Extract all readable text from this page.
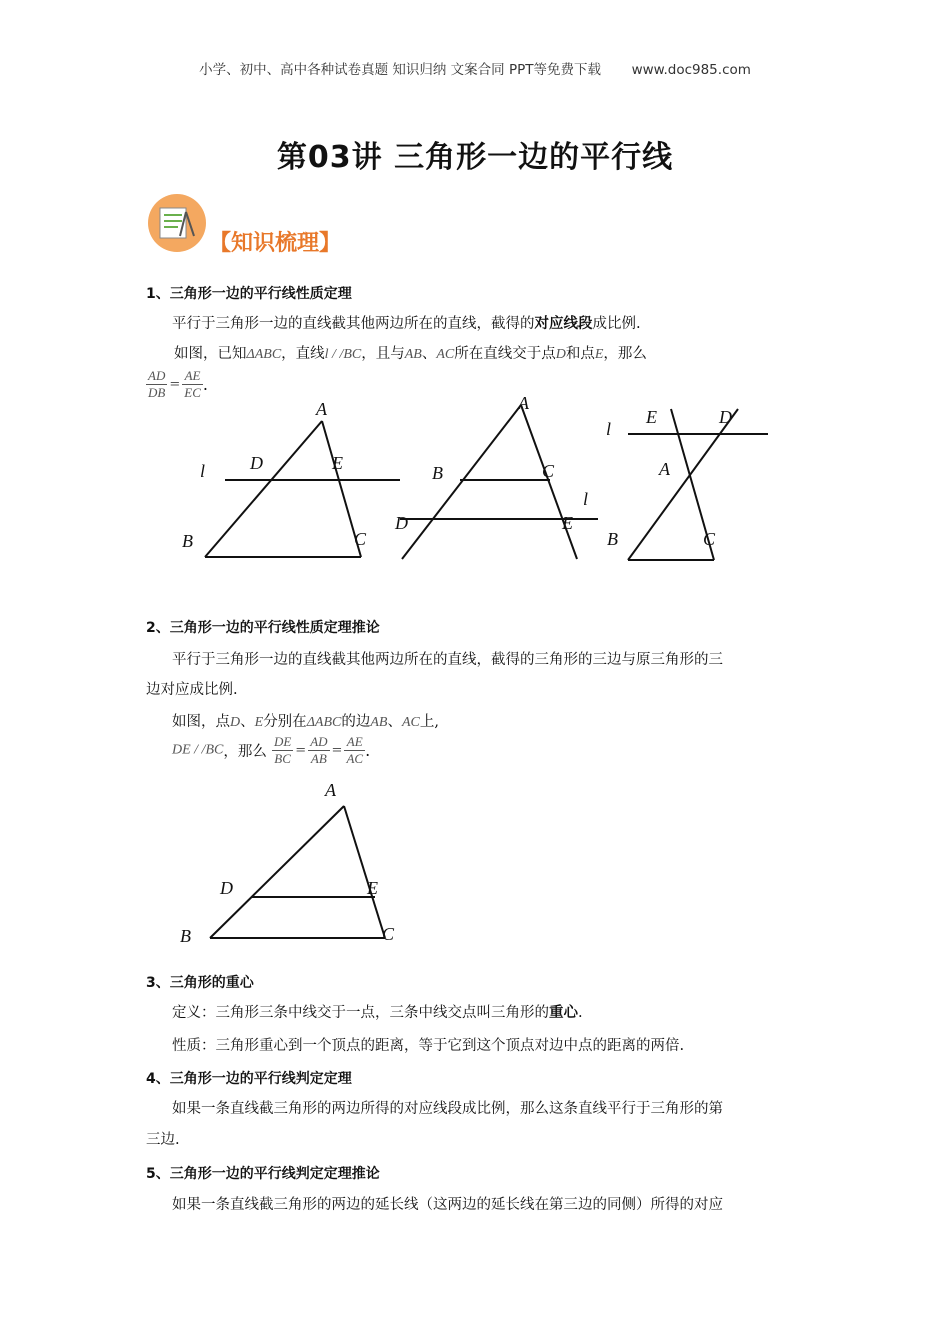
小学、初中、高中各种试卷真题 知识归纳 文案合同 PPT等免费下载 www.doc985.com
第03讲 三角形一边的平行线
【知识梳理】
1、三角形一边的平行线性质定理
平行于三角形一边的直线截其他两边所在的直线，截得的对应线段成比例.
如图，已知ΔABC，直线l / /BC，且与AB、AC所在直线交于点D和点E，那么
$\frac{AD}{DB} = \frac{AE}{EC}$ .
A
D	E
l
B	C
A
B	C
l
D	E
E	D
l
A
B	C
2、三角形一边的平行线性质定理推论
平行于三角形一边的直线截其他两边所在的直线，截得的三角形的三边与原三角形的三
边对应成比例.
如图，点D、E分别在ΔABC的边AB、AC上,
DE / /BC，那么 $\frac{DE}{BC} = \frac{AD}{AB} = \frac{AE}{AC}$ .
A
D	E
B	C
3、三角形的重心
定义：三角形三条中线交于一点，三条中线交点叫三角形的重心.
性质：三角形重心到一个顶点的距离，等于它到这个顶点对边中点的距离的两倍.
4、三角形一边的平行线判定定理
如果一条直线截三角形的两边所得的对应线段成比例，那么这条直线平行于三角形的第
三边.
5、三角形一边的平行线判定定理推论
如果一条直线截三角形的两边的延长线（这两边的延长线在第三边的同侧）所得的对应
